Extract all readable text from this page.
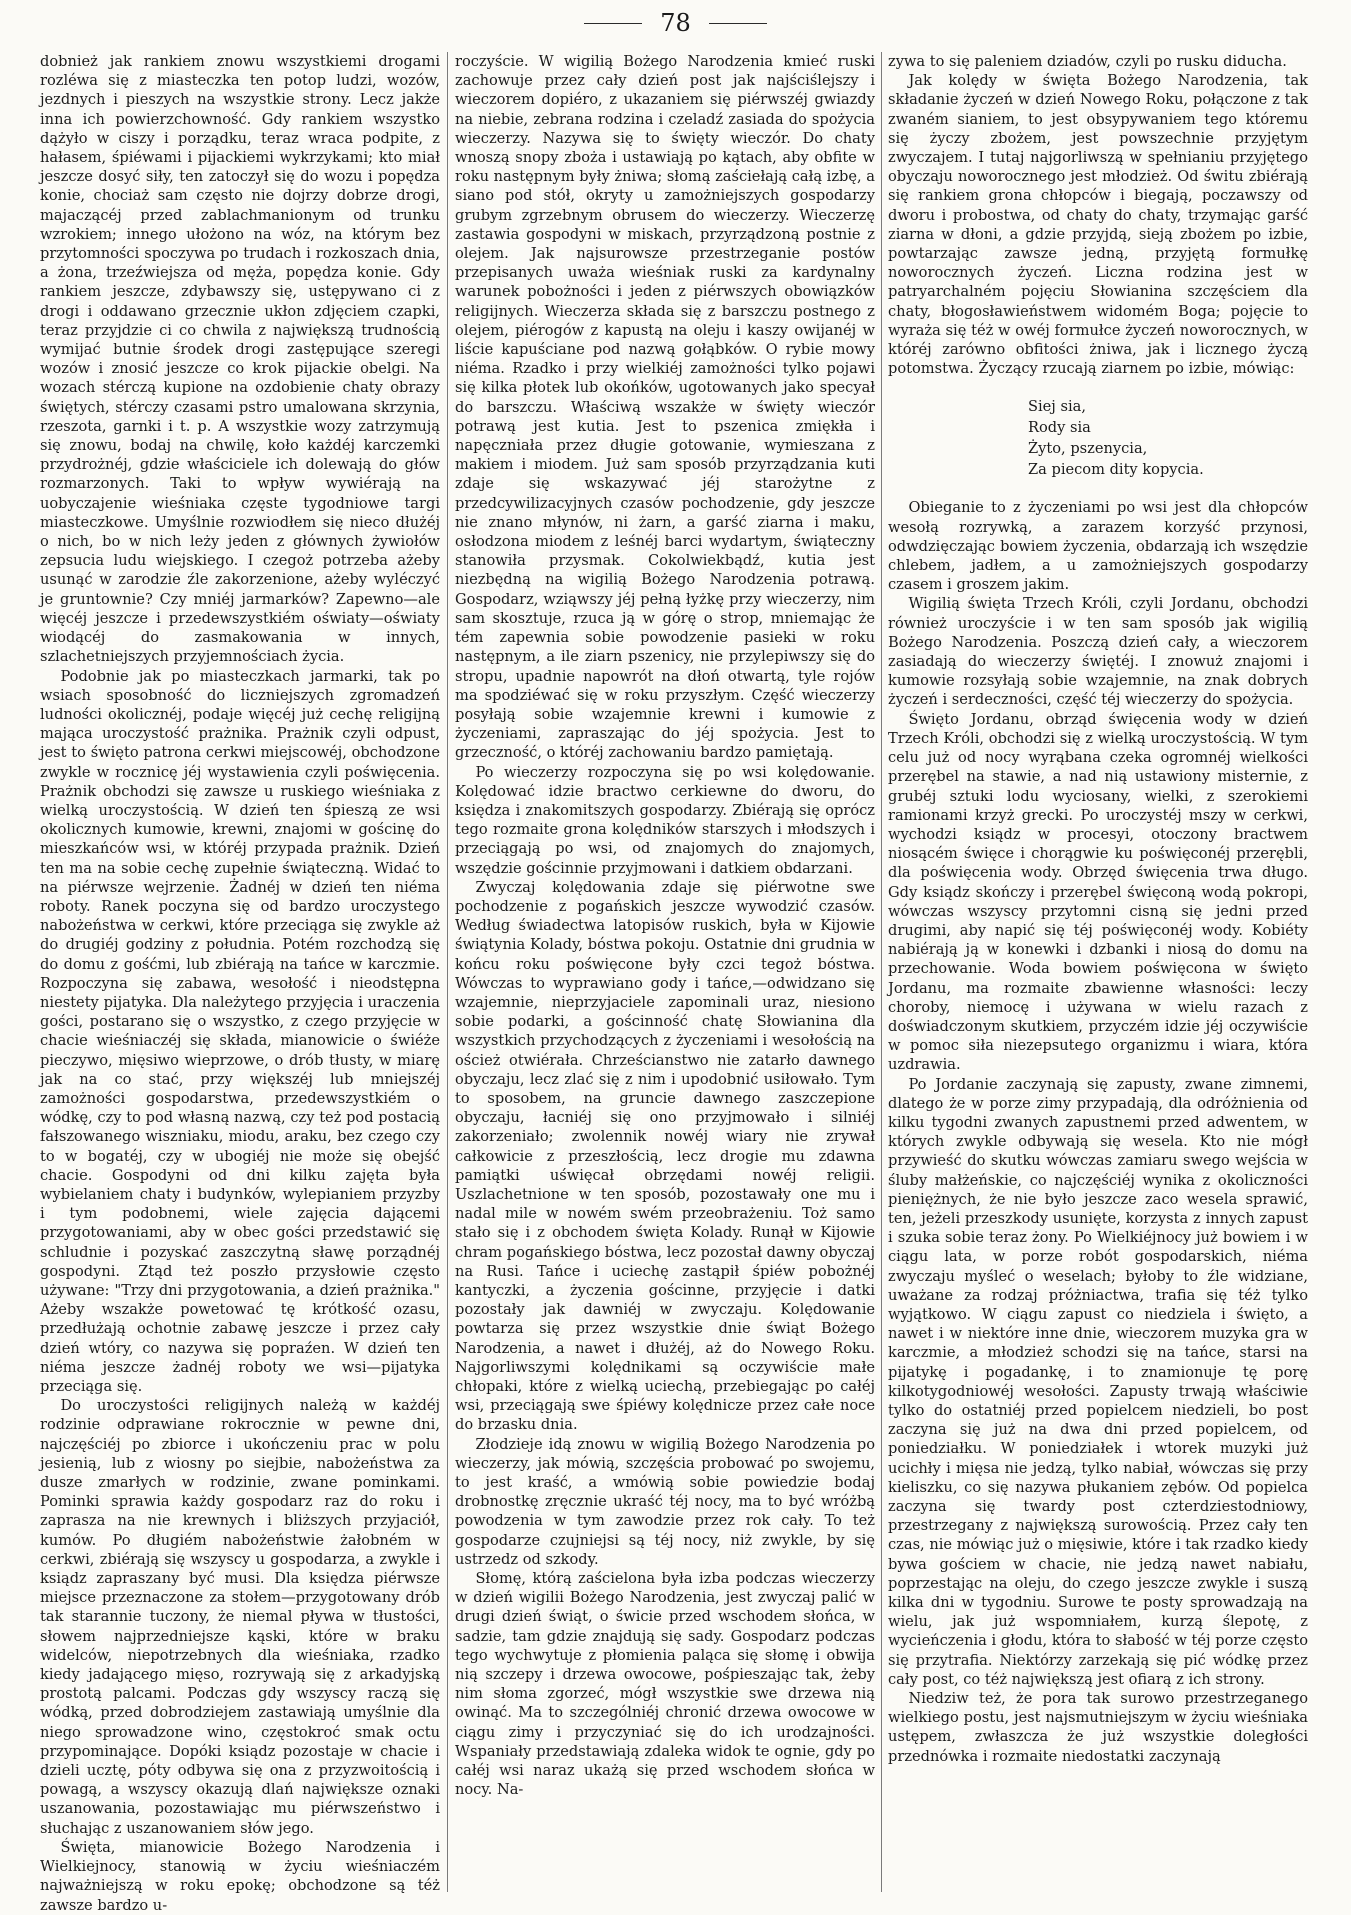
78

dobnież jak rankiem znowu wszystkiemi drogami rozléwa się z miasteczka ten potop ludzi, wozów, jezdnych i pieszych na wszystkie strony. Lecz jakże inna ich powierzchowność. Gdy rankiem wszystko dążyło w ciszy i porządku, teraz wraca podpite, z hałasem, śpiéwami i pijackiemi wykrzykami; kto miał jeszcze dosyć siły, ten zatoczył się do wozu i popędza konie, chociaż sam często nie dojrzy dobrze drogi, majaczącéj przed zablachmanionym od trunku wzrokiem; innego ułożono na wóz, na którym bez przytomności spoczywa po trudach i rozkoszach dnia, a żona, trzeźwiejsza od męża, popędza konie. Gdy rankiem jeszcze, zdybawszy się, ustępywano ci z drogi i oddawano grzecznie ukłon zdjęciem czapki, teraz przyjdzie ci co chwila z największą trudnością wymijać butnie środek drogi zastępujące szeregi wozów i znosić jeszcze co krok pijackie obelgi. Na wozach stérczą kupione na ozdobienie chaty obrazy świętych, stérczy czasami pstro umalowana skrzynia, rzeszota, garnki i t. p. A wszystkie wozy zatrzymują się znowu, bodaj na chwilę, koło każdéj karczemki przydrożnéj, gdzie właściciele ich dolewają do głów rozmarzonych. Taki to wpływ wywiérają na uobyczajenie wieśniaka częste tygodniowe targi miasteczkowe. Umyślnie rozwiodłem się nieco dłużéj o nich, bo w nich leży jeden z głównych żywiołów zepsucia ludu wiejskiego. I czegoż potrzeba ażeby usunąć w zarodzie źle zakorzenione, ażeby wyléczyć je gruntownie? Czy mniéj jarmarków? Zapewno—ale więcéj jeszcze i przedewszystkiém oświaty—oświaty wiodącéj do zasmakowania w innych, szlachetniejszych przyjemnościach życia.

Podobnie jak po miasteczkach jarmarki, tak po wsiach sposobność do liczniejszych zgromadzeń ludności okolicznéj, podaje więcéj już cechę religijną mająca uroczystość prażnika. Prażnik czyli odpust, jest to święto patrona cerkwi miejscowéj, obchodzone zwykle w rocznicę jéj wystawienia czyli poświęcenia. Prażnik obchodzi się zawsze u ruskiego wieśniaka z wielką uroczystością. W dzień ten śpieszą ze wsi okolicznych kumowie, krewni, znajomi w gościnę do mieszkańców wsi, w któréj przypada prażnik. Dzień ten ma na sobie cechę zupełnie świąteczną. Widać to na piérwsze wejrzenie. Żadnéj w dzień ten niéma roboty. Ranek poczyna się od bardzo uroczystego nabożeństwa w cerkwi, które przeciąga się zwykle aż do drugiéj godziny z południa. Potém rozchodzą się do domu z gośćmi, lub zbiérają na tańce w karczmie. Rozpoczyna się zabawa, wesołość i nieodstępna niestety pijatyka. Dla należytego przyjęcia i uraczenia gości, postarano się o wszystko, z czego przyjęcie w chacie wieśniaczéj się składa, mianowicie o świéże pieczywo, mięsiwo wieprzowe, o drób tłusty, w miarę jak na co stać, przy większéj lub mniejszéj zamożności gospodarstwa, przedewszystkiém o wódkę, czy to pod własną nazwą, czy też pod postacią fałszowanego wiszniaku, miodu, araku, bez czego czy to w bogatéj, czy w ubogiéj nie może się obejść chacie. Gospodyni od dni kilku zajęta była wybielaniem chaty i budynków, wylepianiem przyzby i tym podobnemi, wiele zajęcia dającemi przygotowaniami, aby w obec gości przedstawić się schludnie i pozyskać zaszczytną sławę porządnéj gospodyni. Ztąd też poszło przysłowie często używane: "Trzy dni przygotowania, a dzień prażnika." Ażeby wszakże powetować tę krótkość ozasu, przedłużają ochotnie zabawę jeszcze i przez cały dzień wtóry, co nazywa się popraźen. W dzień ten niéma jeszcze żadnéj roboty we wsi—pijatyka przeciąga się.

Do uroczystości religijnych należą w każdéj rodzinie odprawiane rokrocznie w pewne dni, najczęściéj po zbiorce i ukończeniu prac w polu jesienią, lub z wiosny po siejbie, nabożeństwa za dusze zmarłych w rodzinie, zwane pominkami. Pominki sprawia każdy gospodarz raz do roku i zaprasza na nie krewnych i bliższych przyjaciół, kumów. Po długiém nabożeństwie żałobném w cerkwi, zbiérają się wszyscy u gospodarza, a zwykle i ksiądz zapraszany być musi. Dla księdza piérwsze miejsce przeznaczone za stołem—przygotowany drób tak starannie tuczony, że niemal pływa w tłustości, słowem najprzedniejsze kąski, które w braku widelców, niepotrzebnych dla wieśniaka, rzadko kiedy jadającego mięso, rozrywają się z arkadyjską prostotą palcami. Podczas gdy wszyscy raczą się wódką, przed dobrodziejem zastawiają umyślnie dla niego sprowadzone wino, częstokroć smak octu przypominające. Dopóki ksiądz pozostaje w chacie i dzieli ucztę, póty odbywa się ona z przyzwoitością i powagą, a wszyscy okazują dlań największe oznaki uszanowania, pozostawiając mu piérwszeństwo i słuchając z uszanowaniem słów jego.

Święta, mianowicie Bożego Narodzenia i Wielkiejnocy, stanowią w życiu wieśniaczém najważniejszą w roku epokę; obchodzone są téż zawsze bardzo u-

roczyście. W wigilią Bożego Narodzenia kmieć ruski zachowuje przez cały dzień post jak najściślejszy i wieczorem dopiéro, z ukazaniem się piérwszéj gwiazdy na niebie, zebrana rodzina i czeladź zasiada do spożycia wieczerzy. Nazywa się to święty wieczór. Do chaty wnoszą snopy zboża i ustawiają po kątach, aby obfite w roku następnym były żniwa; słomą zaściełają całą izbę, a siano pod stół, okryty u zamożniejszych gospodarzy grubym zgrzebnym obrusem do wieczerzy. Wieczerzę zastawia gospodyni w miskach, przyrządzoną postnie z olejem. Jak najsurowsze przestrzeganie postów przepisanych uważa wieśniak ruski za kardynalny warunek pobożności i jeden z piérwszych obowiązków religijnych. Wieczerza składa się z barszczu postnego z olejem, piérogów z kapustą na oleju i kaszy owijanéj w liście kapuściane pod nazwą gołąbków. O rybie mowy niéma. Rzadko i przy wielkiéj zamożności tylko pojawi się kilka płotek lub okońków, ugotowanych jako specyał do barszczu. Właściwą wszakże w święty wieczór potrawą jest kutia. Jest to pszenica zmiękła i napęczniała przez długie gotowanie, wymieszana z makiem i miodem. Już sam sposób przyrządzania kuti zdaje się wskazywać jéj starożytne z przedcywilizacyjnych czasów pochodzenie, gdy jeszcze nie znano młynów, ni żarn, a garść ziarna i maku, osłodzona miodem z leśnéj barci wydartym, świąteczny stanowiła przysmak. Cokolwiekbądź, kutia jest niezbędną na wigilią Bożego Narodzenia potrawą. Gospodarz, wziąwszy jéj pełną łyżkę przy wieczerzy, nim sam skosztuje, rzuca ją w górę o strop, mniemając że tém zapewnia sobie powodzenie pasieki w roku następnym, a ile ziarn pszenicy, nie przylepiwszy się do stropu, upadnie napowrót na dłoń otwartą, tyle rojów ma spodziéwać się w roku przyszłym. Część wieczerzy posyłają sobie wzajemnie krewni i kumowie z życzeniami, zapraszając do jéj spożycia. Jest to grzeczność, o któréj zachowaniu bardzo pamiętają.

Po wieczerzy rozpoczyna się po wsi kolędowanie. Kolędować idzie bractwo cerkiewne do dworu, do księdza i znakomitszych gospodarzy. Zbiérają się oprócz tego rozmaite grona kolędników starszych i młodszych i przeciągają po wsi, od znajomych do znajomych, wszędzie gościnnie przyjmowani i datkiem obdarzani.

Zwyczaj kolędowania zdaje się piérwotne swe pochodzenie z pogańskich jeszcze wywodzić czasów. Według świadectwa latopisów ruskich, była w Kijowie świątynia Kolady, bóstwa pokoju. Ostatnie dni grudnia w końcu roku poświęcone były czci tegoż bóstwa. Wówczas to wyprawiano gody i tańce,—odwidzano się wzajemnie, nieprzyjaciele zapominali uraz, niesiono sobie podarki, a gościnność chatę Słowianina dla wszystkich przychodzących z życzeniami i wesołością na oścież otwiérała. Chrześcianstwo nie zatarło dawnego obyczaju, lecz zlać się z nim i upodobnić usiłowało. Tym to sposobem, na gruncie dawnego zaszczepione obyczaju, łacniéj się ono przyjmowało i silniéj zakorzeniało; zwolennik nowéj wiary nie zrywał całkowicie z przeszłością, lecz drogie mu zdawna pamiątki uświęcał obrzędami nowéj religii. Uszlachetnione w ten sposób, pozostawały one mu i nadal mile w nowém swém przeobrażeniu. Toż samo stało się i z obchodem święta Kolady. Runął w Kijowie chram pogańskiego bóstwa, lecz pozostał dawny obyczaj na Rusi. Tańce i uciechę zastąpił śpiéw pobożnéj kantyczki, a życzenia gościnne, przyjęcie i datki pozostały jak dawniéj w zwyczaju. Kolędowanie powtarza się przez wszystkie dnie świąt Bożego Narodzenia, a nawet i dłużéj, aż do Nowego Roku. Najgorliwszymi kolędnikami są oczywiście małe chłopaki, które z wielką uciechą, przebiegając po całéj wsi, przeciągają swe śpiéwy kolędnicze przez całe noce do brzasku dnia.

Złodzieje idą znowu w wigilią Bożego Narodzenia po wieczerzy, jak mówią, szczęścia probować po swojemu, to jest kraść, a wmówią sobie powiedzie bodaj drobnostkę zręcznie ukraść téj nocy, ma to być wróżbą powodzenia w tym zawodzie przez rok cały. To też gospodarze czujniejsi są téj nocy, niż zwykle, by się ustrzedz od szkody.

Słomę, którą zaścielona była izba podczas wieczerzy w dzień wigilii Bożego Narodzenia, jest zwyczaj palić w drugi dzień świąt, o świcie przed wschodem słońca, w sadzie, tam gdzie znajdują się sady. Gospodarz podczas tego wychwytuje z płomienia paląca się słomę i obwija nią szczepy i drzewa owocowe, pośpieszając tak, żeby nim słoma zgorzeć, mógł wszystkie swe drzewa nią owinąć. Ma to szczególniéj chronić drzewa owocowe w ciągu zimy i przyczyniać się do ich urodzajności. Wspaniały przedstawiają zdaleka widok te ognie, gdy po całéj wsi naraz ukażą się przed wschodem słońca w nocy. Na-

zywa to się paleniem dziadów, czyli po rusku diducha.

Jak kolędy w święta Bożego Narodzenia, tak składanie życzeń w dzień Nowego Roku, połączone z tak zwaném sianiem, to jest obsypywaniem tego któremu się życzy zbożem, jest powszechnie przyjętym zwyczajem. I tutaj najgorliwszą w spełnianiu przyjętego obyczaju noworocznego jest młodzież. Od świtu zbiérają się rankiem grona chłopców i biegają, poczawszy od dworu i probostwa, od chaty do chaty, trzymając garść ziarna w dłoni, a gdzie przyjdą, sieją zbożem po izbie, powtarzając zawsze jedną, przyjętą formułkę noworocznych życzeń. Liczna rodzina jest w patryarchalném pojęciu Słowianina szczęściem dla chaty, błogosławieństwem widomém Boga; pojęcie to wyraża się téż w owéj formułce życzeń noworocznych, w któréj zarówno obfitości żniwa, jak i licznego życzą potomstwa. Życzący rzucają ziarnem po izbie, mówiąc:

Siej sia,
Rody sia
Żyto, pszenycia,
Za piecom dity kopycia.

Obieganie to z życzeniami po wsi jest dla chłopców wesołą rozrywką, a zarazem korzyść przynosi, odwdzięczając bowiem życzenia, obdarzają ich wszędzie chlebem, jadłem, a u zamożniejszych gospodarzy czasem i groszem jakim.

Wigilią święta Trzech Króli, czyli Jordanu, obchodzi również uroczyście i w ten sam sposób jak wigilią Bożego Narodzenia. Poszczą dzień cały, a wieczorem zasiadają do wieczerzy świętéj. I znowuż znajomi i kumowie rozsyłają sobie wzajemnie, na znak dobrych życzeń i serdeczności, część téj wieczerzy do spożycia.

Święto Jordanu, obrząd święcenia wody w dzień Trzech Króli, obchodzi się z wielką uroczystością. W tym celu już od nocy wyrąbana czeka ogromnéj wielkości przerębel na stawie, a nad nią ustawiony misternie, z grubéj sztuki lodu wyciosany, wielki, z szerokiemi ramionami krzyż grecki. Po uroczystéj mszy w cerkwi, wychodzi ksiądz w procesyi, otoczony bractwem niosącém święce i chorągwie ku poświęconéj przerębli, dla poświęcenia wody. Obrzęd święcenia trwa długo. Gdy ksiądz skończy i przerębel święconą wodą pokropi, wówczas wszyscy przytomni cisną się jedni przed drugimi, aby napić się téj poświęconéj wody. Kobiéty nabiérają ją w konewki i dzbanki i niosą do domu na przechowanie. Woda bowiem poświęcona w święto Jordanu, ma rozmaite zbawienne własności: leczy choroby, niemocę i używana w wielu razach z doświadczonym skutkiem, przyczém idzie jéj oczywiście w pomoc siła niezepsutego organizmu i wiara, która uzdrawia.

Po Jordanie zaczynają się zapusty, zwane zimnemi, dlatego że w porze zimy przypadają, dla odróżnienia od kilku tygodni zwanych zapustnemi przed adwentem, w których zwykle odbywają się wesela. Kto nie mógł przywieść do skutku wówczas zamiaru swego wejścia w śluby małżeńskie, co najczęściéj wynika z okoliczności pieniężnych, że nie było jeszcze zaco wesela sprawić, ten, jeżeli przeszkody usunięte, korzysta z innych zapust i szuka sobie teraz żony. Po Wielkiéjnocy już bowiem i w ciągu lata, w porze robót gospodarskich, niéma zwyczaju myśleć o weselach; byłoby to źle widziane, uważane za rodzaj próżniactwa, trafia się téż tylko wyjątkowo. W ciągu zapust co niedziela i święto, a nawet i w niektóre inne dnie, wieczorem muzyka gra w karczmie, a młodzież schodzi się na tańce, starsi na pijatykę i pogadankę, i to znamionuje tę porę kilkotygodniowéj wesołości. Zapusty trwają właściwie tylko do ostatniéj przed popielcem niedzieli, bo post zaczyna się już na dwa dni przed popielcem, od poniedziałku. W poniedziałek i wtorek muzyki już ucichły i mięsa nie jedzą, tylko nabiał, wówczas się przy kieliszku, co się nazywa płukaniem zębów. Od popielca zaczyna się twardy post czterdziestodniowy, przestrzegany z największą surowością. Przez cały ten czas, nie mówiąc już o mięsiwie, które i tak rzadko kiedy bywa gościem w chacie, nie jedzą nawet nabiału, poprzestając na oleju, do czego jeszcze zwykle i suszą kilka dni w tygodniu. Surowe te posty sprowadzają na wielu, jak już wspomniałem, kurzą ślepotę, z wycieńczenia i głodu, która to słabość w téj porze często się przytrafia. Niektórzy zarzekają się pić wódkę przez cały post, co téż największą jest ofiarą z ich strony.

Niedziw też, że pora tak surowo przestrzeganego wielkiego postu, jest najsmutniejszym w życiu wieśniaka ustępem, zwłaszcza że już wszystkie doległości przednówka i rozmaite niedostatki zaczynają
